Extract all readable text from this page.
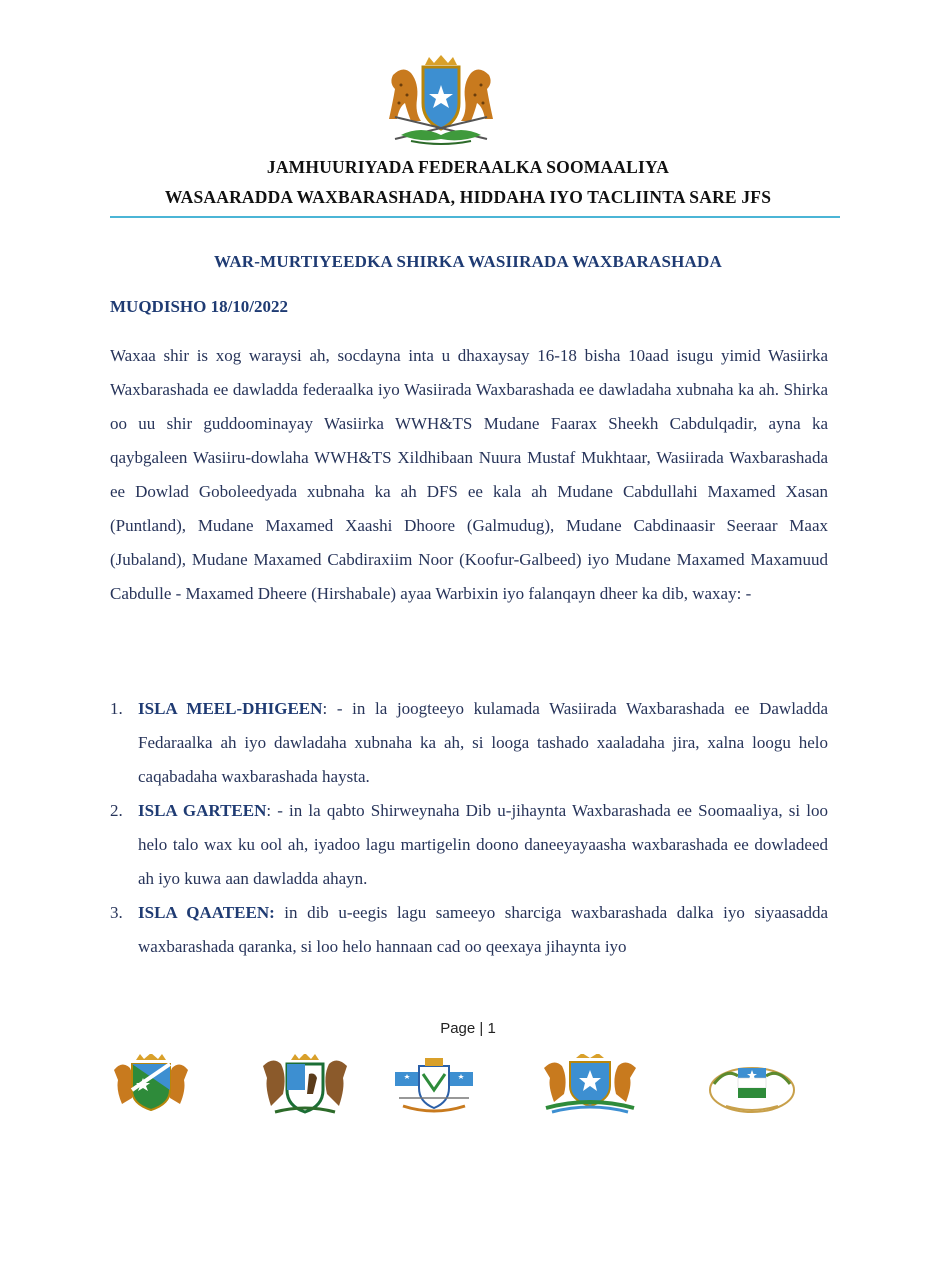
JAMHUURIYADA FEDERAALKA SOOMAALIYA
WASAARADDA WAXBARASHADA, HIDDAHA IYO TACLIINTA SARE JFS
WAR-MURTIYEEDKA SHIRKA WASIIRADA WAXBARASHADA
MUQDISHO 18/10/2022
Waxaa shir is xog waraysi ah, socdayna inta u dhaxaysay 16-18 bisha 10aad isugu yimid Wasiirka Waxbarashada ee dawladda federaalka iyo Wasiirada Waxbarashada ee dawladaha xubnaha ka ah. Shirka oo uu shir guddoominayay Wasiirka WWH&TS Mudane Faarax Sheekh Cabdulqadir, ayna ka qaybgaleen Wasiiru-dowlaha WWH&TS Xildhibaan Nuura Mustaf Mukhtaar, Wasiirada Waxbarashada ee Dowlad Goboleedyada xubnaha ka ah DFS ee kala ah Mudane Cabdullahi Maxamed Xasan (Puntland), Mudane Maxamed Xaashi Dhoore (Galmudug), Mudane Cabdinaasir Seeraar Maax (Jubaland), Mudane Maxamed Cabdiraxiim Noor (Koofur-Galbeed) iyo Mudane Maxamed Maxamuud Cabdulle - Maxamed Dheere (Hirshabale) ayaa Warbixin iyo falanqayn dheer ka dib, waxay: -
1. ISLA MEEL-DHIGEEN: - in la joogteeyo kulamada Wasiirada Waxbarashada ee Dawladda Fedaraalka ah iyo dawladaha xubnaha ka ah, si looga tashado xaaladaha jira, xalna loogu helo caqabadaha waxbarashada haysta.
2. ISLA GARTEEN: - in la qabto Shirweynaha Dib u-jihaynta Waxbarashada ee Soomaaliya, si loo helo talo wax ku ool ah, iyadoo lagu martigelin doono daneeyayaasha waxbarashada ee dowladeed ah iyo kuwa aan dawladda ahayn.
3. ISLA QAATEEN: in dib u-eegis lagu sameeyo sharciga waxbarashada dalka iyo siyaasadda waxbarashada qaranka, si loo helo hannaan cad oo qeexaya jihaynta iyo
Page | 1
